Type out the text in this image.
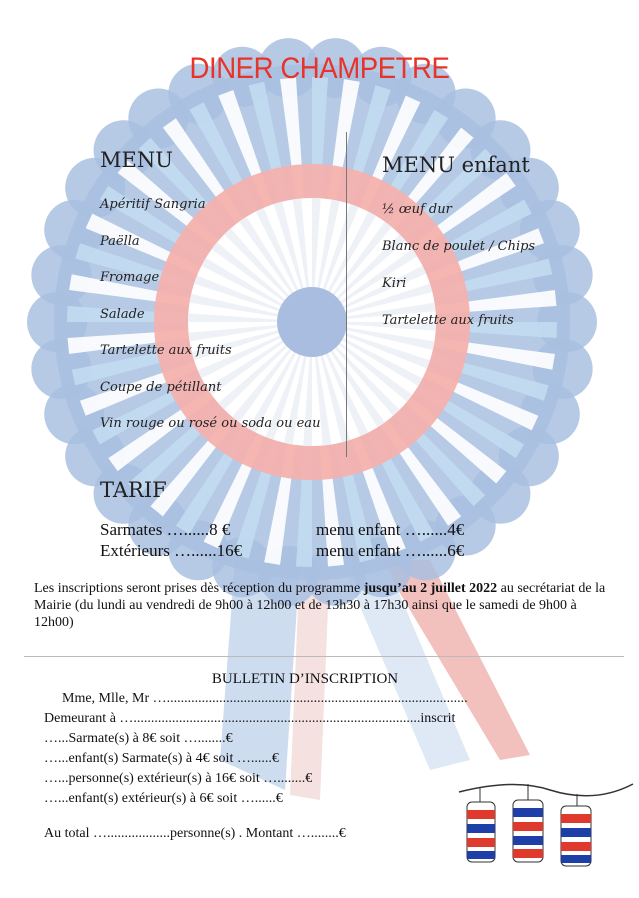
DINER CHAMPETRE
MENU	MENU enfant
TARIF
Sarmates …......8 €	menu enfant …......4€
Extérieurs …......16€	menu enfant …......6€
Les inscriptions seront prises dès réception du programme jusqu’au 2 juillet 2022 au secrétariat de la Mairie (du lundi au vendredi de 9h00 à 12h00 et de 13h30 à 17h30 ainsi que le samedi de 9h00 à 12h00)
BULLETIN D’INSCRIPTION
Mme, Mlle, Mr …......................................................................................
Demeurant à …..................................................................................inscrit
…...Sarmate(s) à 8€ soit …........€
…...enfant(s) Sarmate(s) à 4€ soit …......€
…...personne(s) extérieur(s) à 16€ soit …........€
…...enfant(s) extérieur(s) à 6€ soit …......€
Au total …..................personne(s) . Montant …........€
Apéritif Sangria
Paëlla
Fromage
Salade
Tartelette aux fruits
Coupe de pétillant
Vin rouge ou rosé ou soda ou eau
½ œuf dur
Blanc de poulet / Chips
Kiri
Tartelette aux fruits
